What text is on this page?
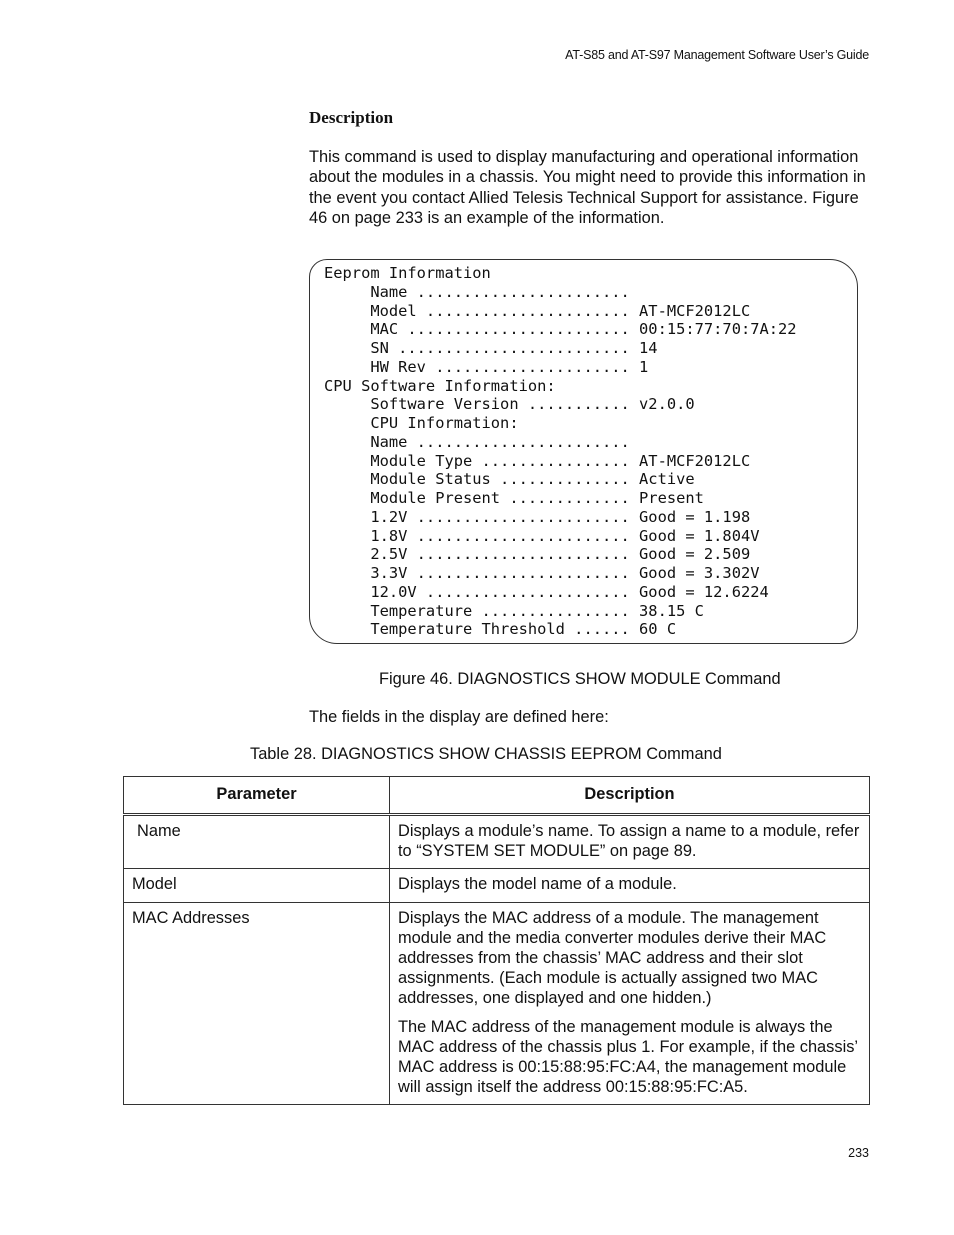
AT-S85 and AT-S97 Management Software User’s Guide
Description

This command is used to display manufacturing and operational information about the modules in a chassis. You might need to provide this information in the event you contact Allied Telesis Technical Support for assistance. Figure 46 on page 233 is an example of the information.

Eeprom Information
Name .......................
Model ...................... AT-MCF2012LC
MAC ........................ 00:15:77:70:7A:22
SN ......................... 14
HW Rev ..................... 1
CPU Software Information:
Software Version ........... v2.0.0
CPU Information:
Name .......................
Module Type ................ AT-MCF2012LC
Module Status .............. Active
Module Present ............. Present
1.2V ....................... Good = 1.198
1.8V ....................... Good = 1.804V
2.5V ....................... Good = 2.509
3.3V ....................... Good = 3.302V
12.0V ...................... Good = 12.6224
Temperature ................ 38.15 C
Temperature Threshold ...... 60 C
Figure 46. DIAGNOSTICS SHOW MODULE Command
The fields in the display are defined here:
Table 28. DIAGNOSTICS SHOW CHASSIS EEPROM Command
Parameter	Description
Name	Displays a module’s name. To assign a name to a module, refer to “SYSTEM SET MODULE” on page 89.

Model	Displays the model name of a module.

MAC Addresses	Displays the MAC address of a module. The management module and the media converter modules derive their MAC addresses from the chassis’ MAC address and their slot assignments. (Each module is actually assigned two MAC addresses, one displayed and one hidden.)

The MAC address of the management module is always the MAC address of the chassis plus 1. For example, if the chassis’ MAC address is 00:15:88:95:FC:A4, the management module will assign itself the address 00:15:88:95:FC:A5.

233
